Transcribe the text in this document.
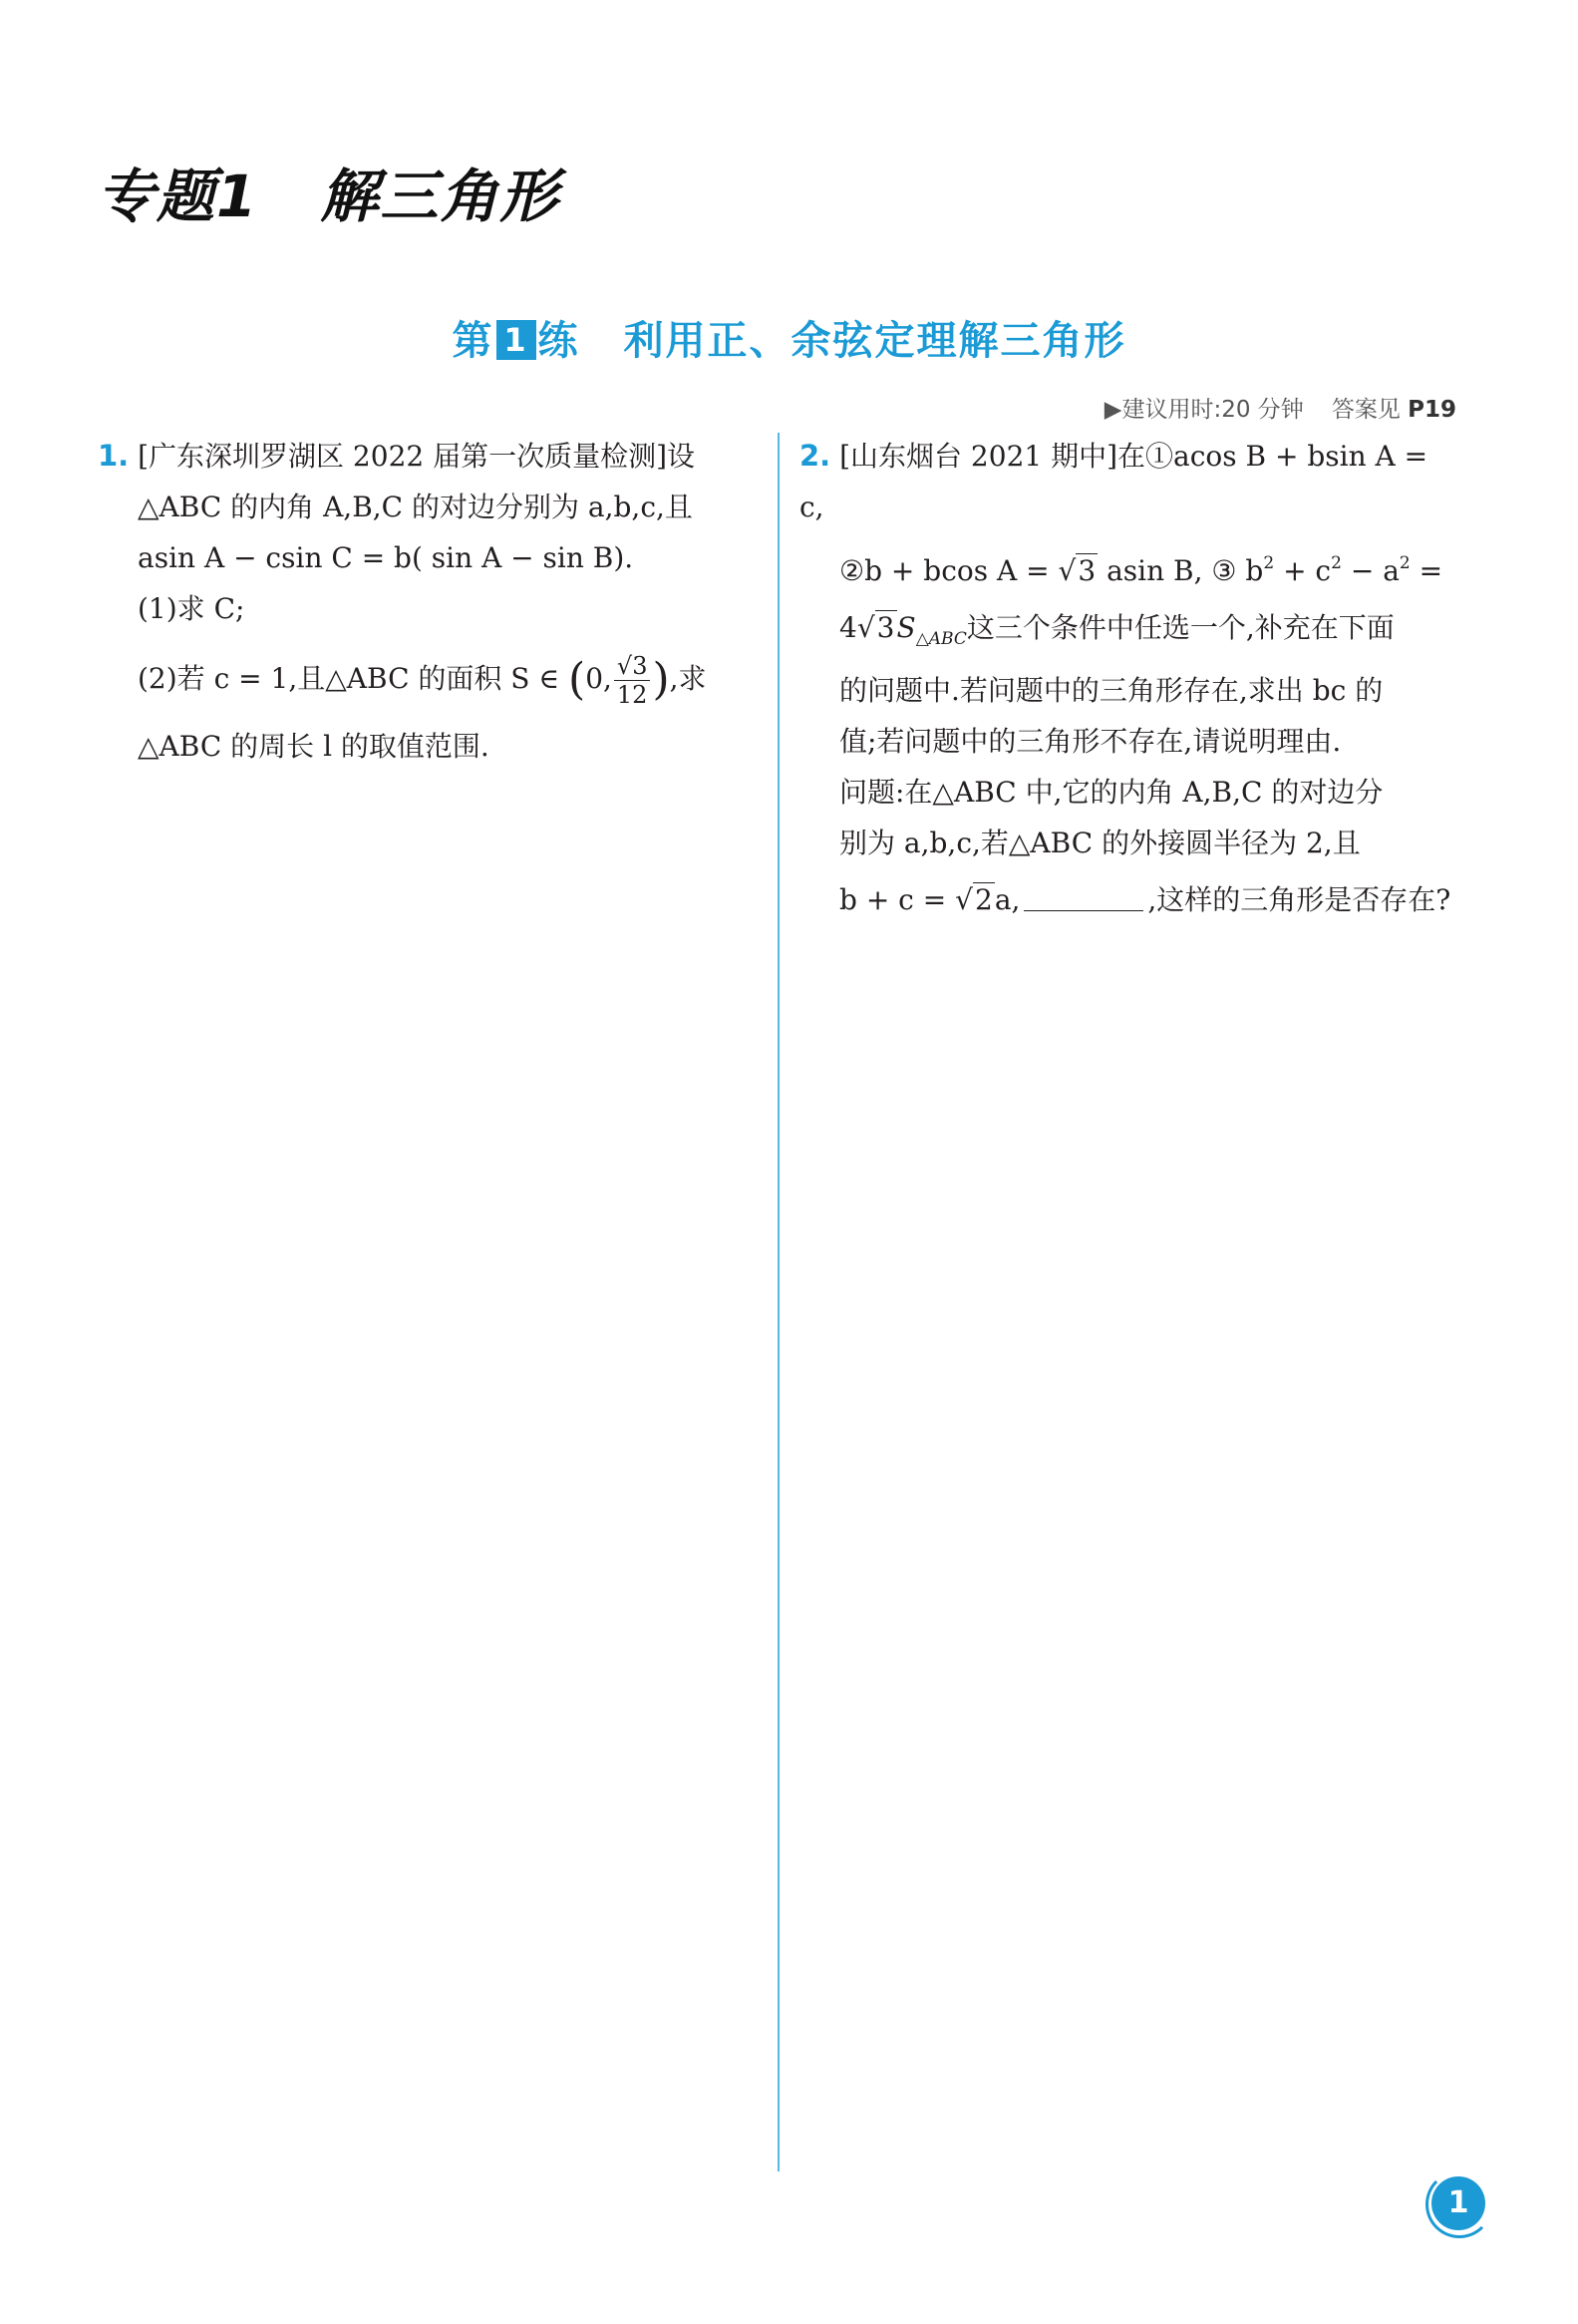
专题1 解三角形
第 1 练 利用正、余弦定理解三角形
▶建议用时:20 分钟 答案见 P19
1. [广东深圳罗湖区 2022 届第一次质量检测]设
△ABC 的内角 A,B,C 的对边分别为 a,b,c,且
asin A − csin C = b( sin A − sin B).
(1)求 C;
(2)若 c = 1,且△ABC 的面积 S ∈ (0, $\frac{√3}{12}$ ),求
△ABC 的周长 l 的取值范围.
2. [山东烟台 2021 期中]在①acos B + bsin A = c,
②b + bcos A = √3 asin B, ③ $b^2 + c^2 - a^2$ =
$4√3S_{\triangle ABC}$这三个条件中任选一个,补充在下面
的问题中.若问题中的三角形存在,求出 bc 的
值;若问题中的三角形不存在,请说明理由.
问题:在△ABC 中,它的内角 A,B,C 的对边分
别为 a,b,c,若△ABC 的外接圆半径为 2,且
b + c = √2a,	,这样的三角形是否存在?
1
